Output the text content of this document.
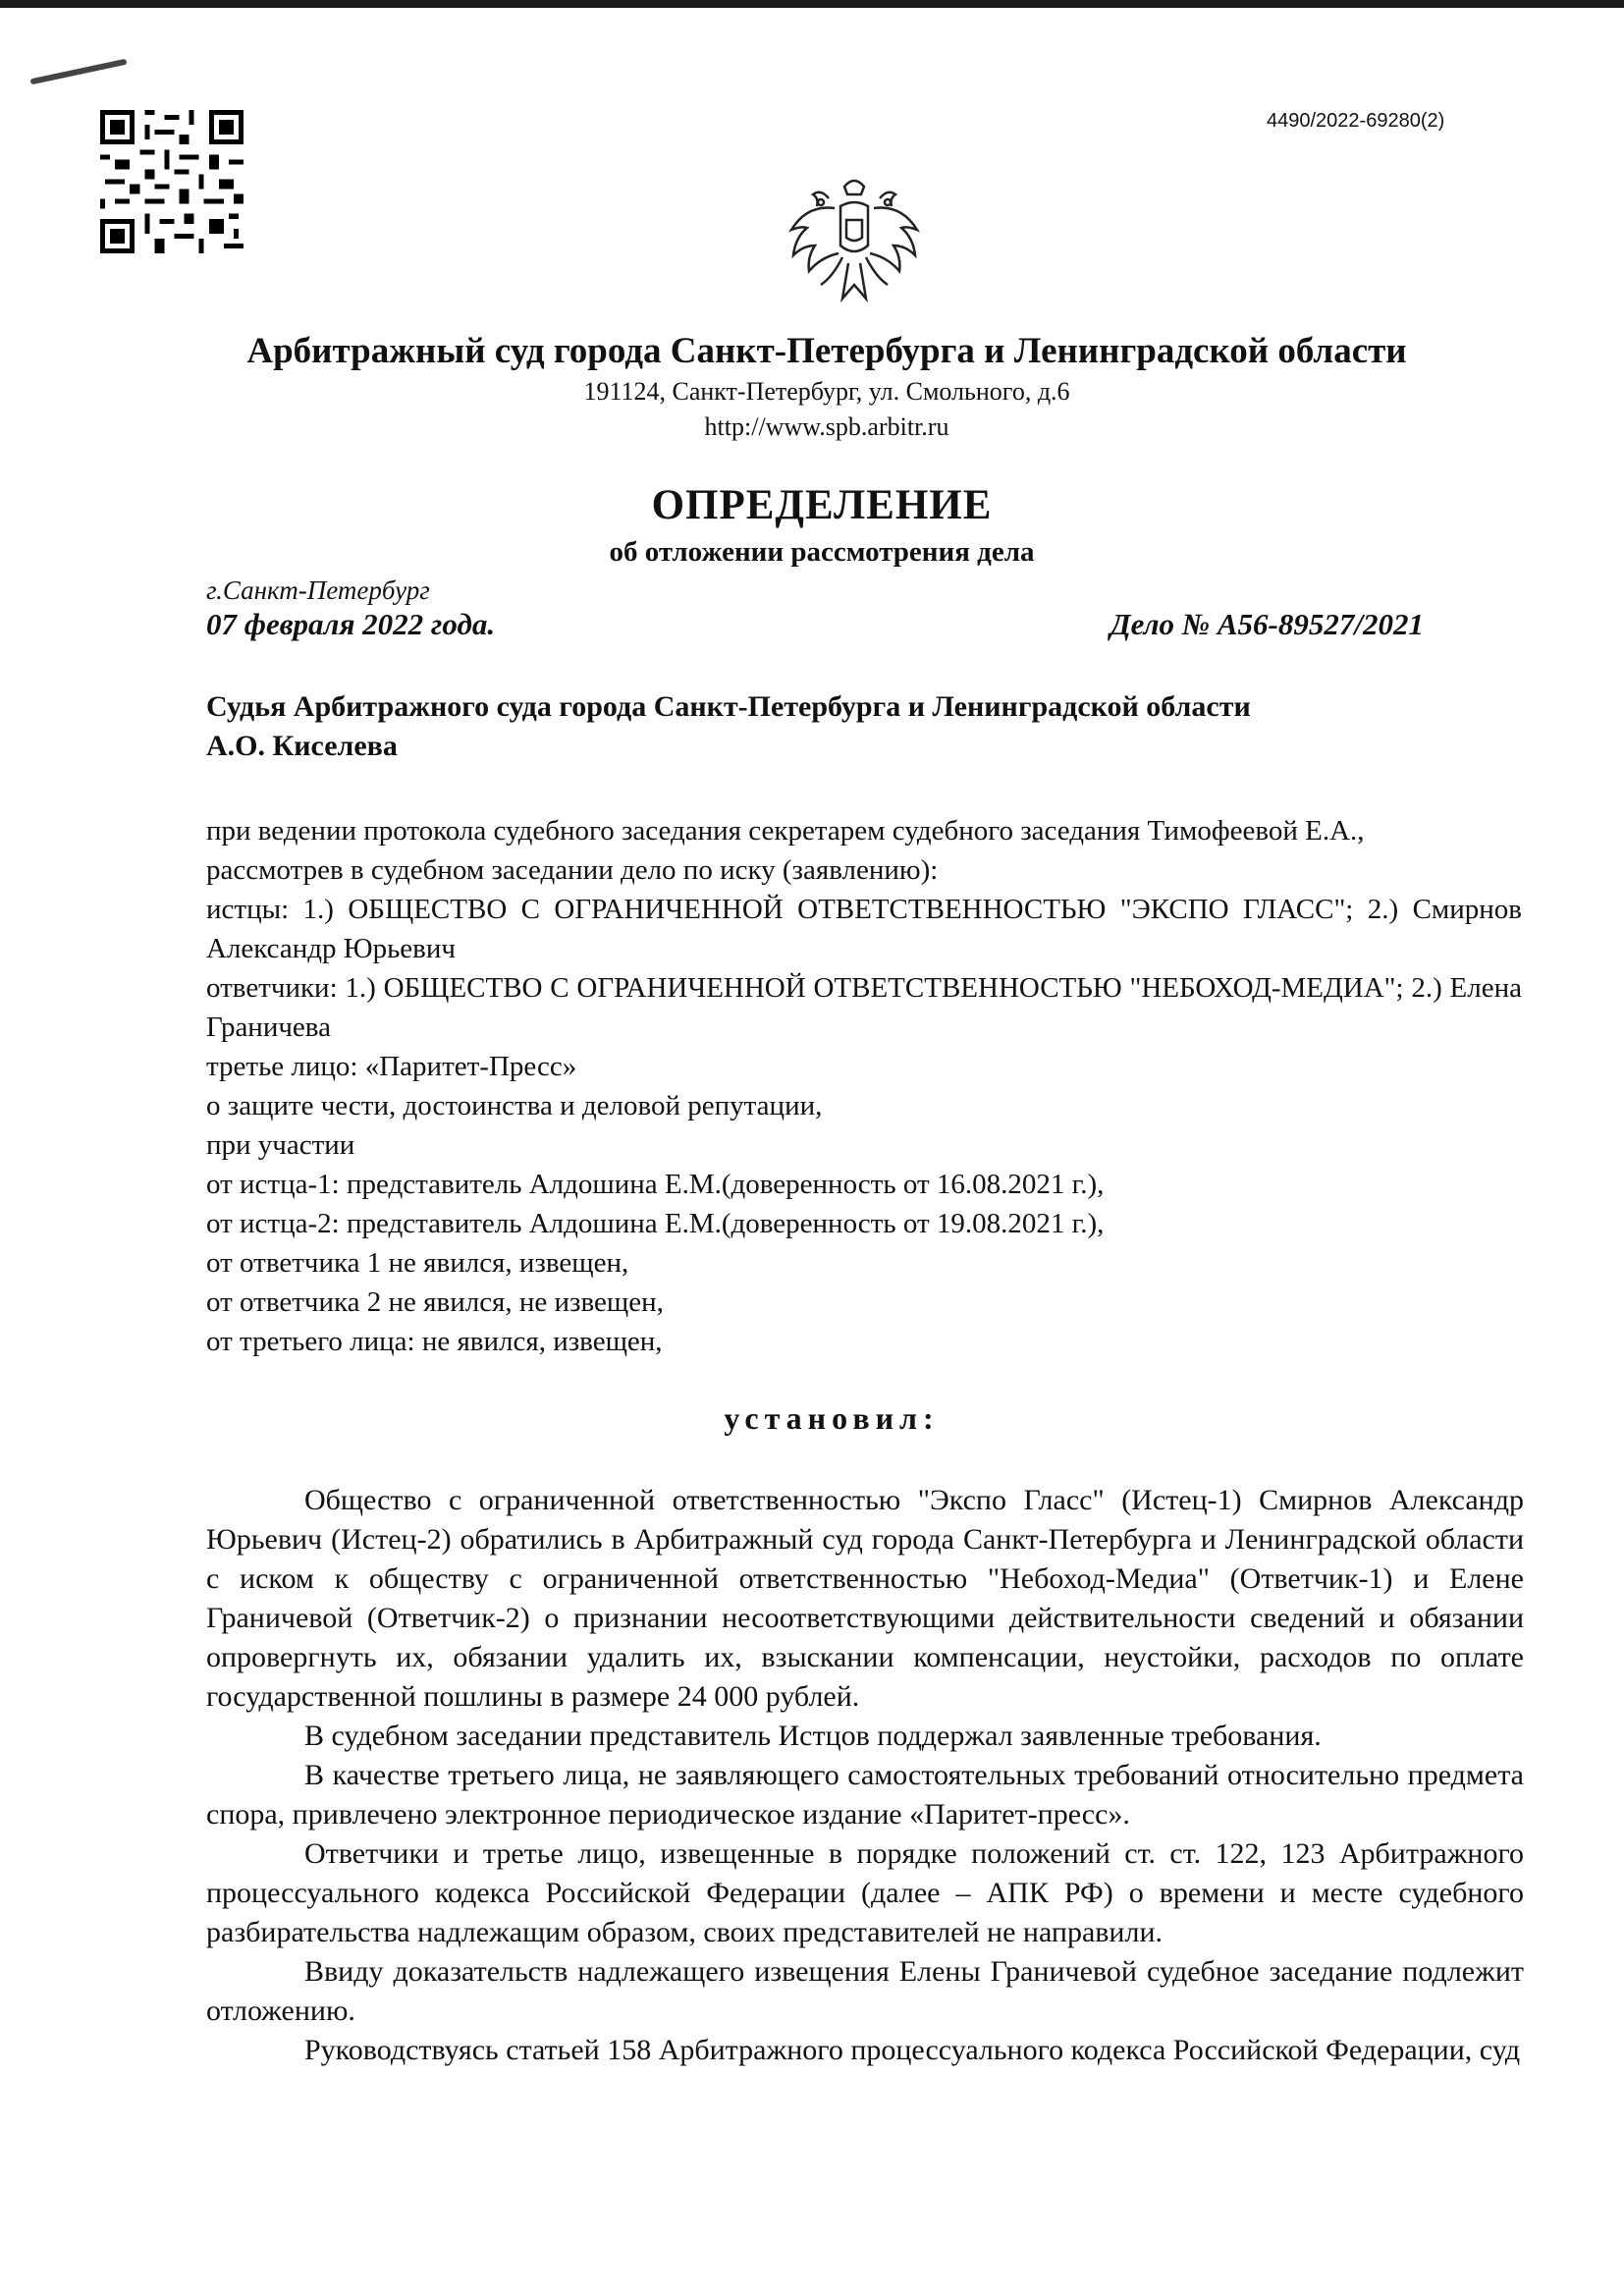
4490/2022-69280(2)
Арбитражный суд города Санкт-Петербурга и Ленинградской области
191124, Санкт-Петербург, ул. Смольного, д.6
http://www.spb.arbitr.ru
ОПРЕДЕЛЕНИЕ
об отложении рассмотрения дела
г.Санкт-Петербург
07 февраля 2022 года.	Дело № А56-89527/2021
Судья Арбитражного суда города Санкт-Петербурга и Ленинградской области
А.О. Киселева
при ведении протокола судебного заседания секретарем судебного заседания Тимофеевой Е.А.,
рассмотрев в судебном заседании дело по иску (заявлению):
истцы: 1.) ОБЩЕСТВО С ОГРАНИЧЕННОЙ ОТВЕТСТВЕННОСТЬЮ "ЭКСПО ГЛАСС"; 2.) Смирнов Александр Юрьевич
ответчики: 1.) ОБЩЕСТВО С ОГРАНИЧЕННОЙ ОТВЕТСТВЕННОСТЬЮ "НЕБОХОД-МЕДИА"; 2.) Елена Граничева
третье лицо: «Паритет-Пресс»
о защите чести, достоинства и деловой репутации,
при участии
от истца-1: представитель Алдошина Е.М.(доверенность от 16.08.2021 г.),
от истца-2: представитель Алдошина Е.М.(доверенность от 19.08.2021 г.),
от ответчика 1 не явился, извещен,
от ответчика 2 не явился, не извещен,
от третьего лица: не явился, извещен,
установил:

Общество с ограниченной ответственностью "Экспо Гласс" (Истец-1) Смирнов Александр Юрьевич (Истец-2) обратились в Арбитражный суд города Санкт-Петербурга и Ленинградской области с иском к обществу с ограниченной ответственностью "Небоход-Медиа" (Ответчик-1) и Елене Граничевой (Ответчик-2) о признании несоответствующими действительности сведений и обязании опровергнуть их, обязании удалить их, взыскании компенсации, неустойки, расходов по оплате государственной пошлины в размере 24 000 рублей.

В судебном заседании представитель Истцов поддержал заявленные требования.

В качестве третьего лица, не заявляющего самостоятельных требований относительно предмета спора, привлечено электронное периодическое издание «Паритет-пресс».

Ответчики и третье лицо, извещенные в порядке положений ст. ст. 122, 123 Арбитражного процессуального кодекса Российской Федерации (далее – АПК РФ) о времени и месте судебного разбирательства надлежащим образом, своих представителей не направили.

Ввиду доказательств надлежащего извещения Елены Граничевой судебное заседание подлежит отложению.

Руководствуясь статьей 158 Арбитражного процессуального кодекса Российской Федерации, суд
